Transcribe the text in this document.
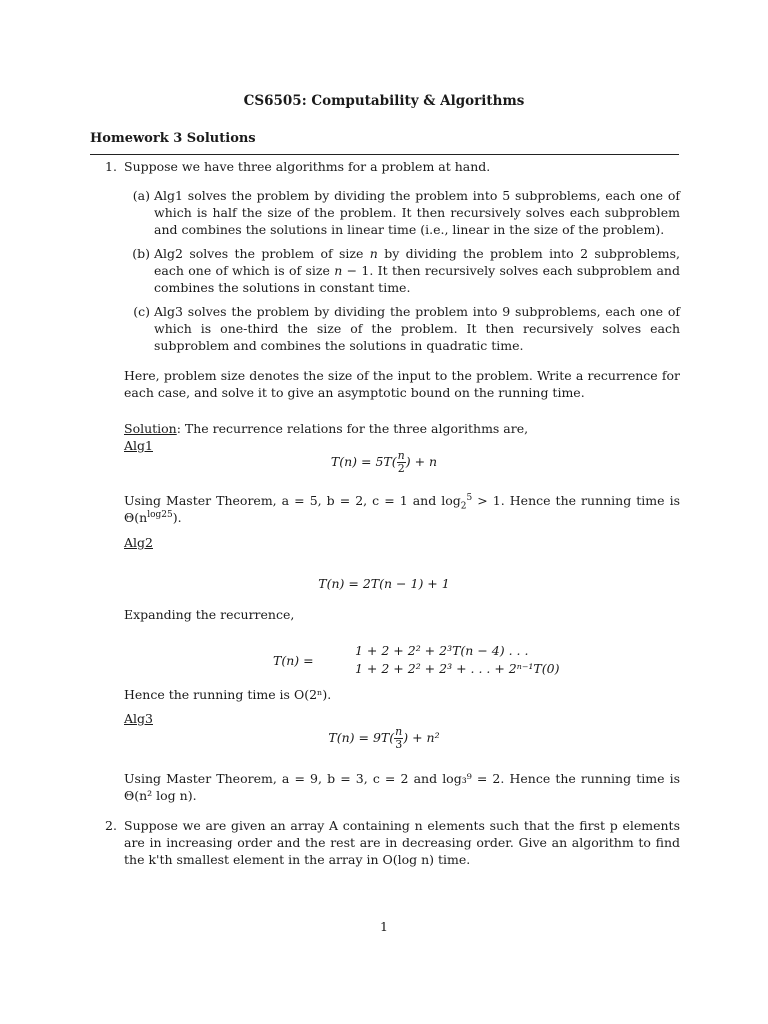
CS6505: Computability & Algorithms
Homework 3 Solutions
1. Suppose we have three algorithms for a problem at hand.
(a) Alg1 solves the problem by dividing the problem into 5 subproblems, each one of which is half the size of the problem. It then recursively solves each subproblem and combines the solutions in linear time (i.e., linear in the size of the problem).
(b) Alg2 solves the problem of size n by dividing the problem into 2 subproblems, each one of which is of size n − 1. It then recursively solves each subproblem and combines the solutions in constant time.
(c) Alg3 solves the problem by dividing the problem into 9 subproblems, each one of which is one-third the size of the problem. It then recursively solves each subproblem and combines the solutions in quadratic time.
Here, problem size denotes the size of the input to the problem. Write a recurrence for each case, and solve it to give an asymptotic bound on the running time.
Solution: The recurrence relations for the three algorithms are,
Alg1
$T(n) = 5T( \frac{n}{2}$ ) + n
Using Master Theorem, a = 5, b = 2, c = 1 and $\log_2^5 > 1$. Hence the running time is $\Theta(n^{log25})$.
Alg2
T(n) = 2T(n − 1) + 1
Expanding the recurrence,
T(n) =
1 + 2 + 2² + 2³T(n − 4) . . .
1 + 2 + 2² + 2³ + . . . + 2ⁿ⁻¹T(0)
Hence the running time is O(2ⁿ).
Alg3
$T(n) = 9T( \frac{n}{3}$ ) + n²
Using Master Theorem, a = 9, b = 3, c = 2 and log₃⁹ = 2. Hence the running time is
Θ(n² log n).
2. Suppose we are given an array A containing n elements such that the first p elements are in increasing order and the rest are in decreasing order. Give an algorithm to find the k'th smallest element in the array in O(log n) time.
1
